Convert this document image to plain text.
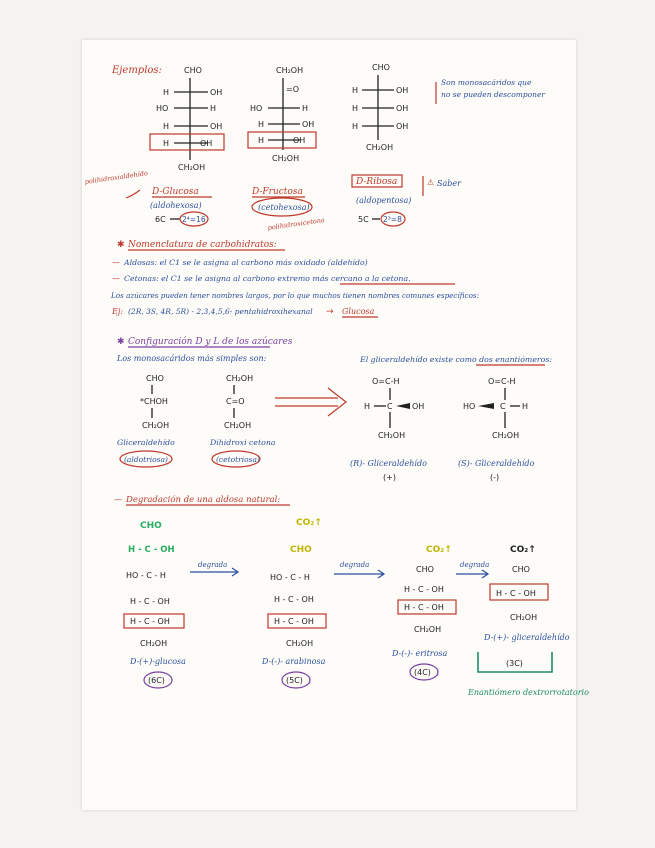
Ejemplos:	CHO
H	OH
HO	H
H	OH
H	OH
CH₂OH
CH₂OH
=O
HO	H
H	OH
H	OH
CH₂OH
CHO
H	OH
H	OH
H	OH
CH₂OH
Son monosacáridos que
no se pueden descomponer
polihidroxialdehído
D-Glucosa
(aldohexosa)
6C 2⁴=16
D-Fructosa
(cetohexosa)
polihidroxicetona
D-Ribosa
(aldopentosa)
5C 2³=8
⚠ Saber
✱ Nomenclatura de carbohidratos:
— Aldosas: el C1 se le asigna al carbono más oxidado (aldehído)
— Cetonas: el C1 se le asigna al carbono extremo más cercano a la cetona.
Los azúcares pueden tener nombres largos, por lo que muchos tienen nombres comunes específicos:
Ej: (2R, 3S, 4R, 5R) - 2,3,4,5,6- pentahidroxihexanal → Glucosa
✱ Configuración D y L de los azúcares
Los monosacáridos más simples son:
CHO
*CHOH
CH₂OH
Gliceraldehído
(aldotriosa)
CH₂OH
C=O
CH₂OH
Dihidroxi cetona
(cetotriosa)
El gliceraldehído existe como dos enantiómeros:
O=C-H
H C OH
CH₂OH
(R)- Gliceraldehído
(+)
O=C-H
HO	C H
CH₂OH
(S)- Gliceraldehído
(-)
— Degradación de una aldosa natural:
CHO
H - C - OH
HO - C - H
H - C - OH
H - C - OH
CH₂OH
D-(+)-glucosa
(6C)
degrada
CO₂↑
CHO
HO - C - H
H - C - OH
H - C - OH
CH₂OH
D-(-)- arabinosa
(5C)
degrada
CO₂↑
CHO
H - C - OH
H - C - OH
CH₂OH
D-(-)- eritrosa
(4C)
degrada
CO₂↑
CHO
H - C - OH
CH₂OH
D-(+)- gliceraldehído
(3C)
Enantiómero dextrorrotatorio
